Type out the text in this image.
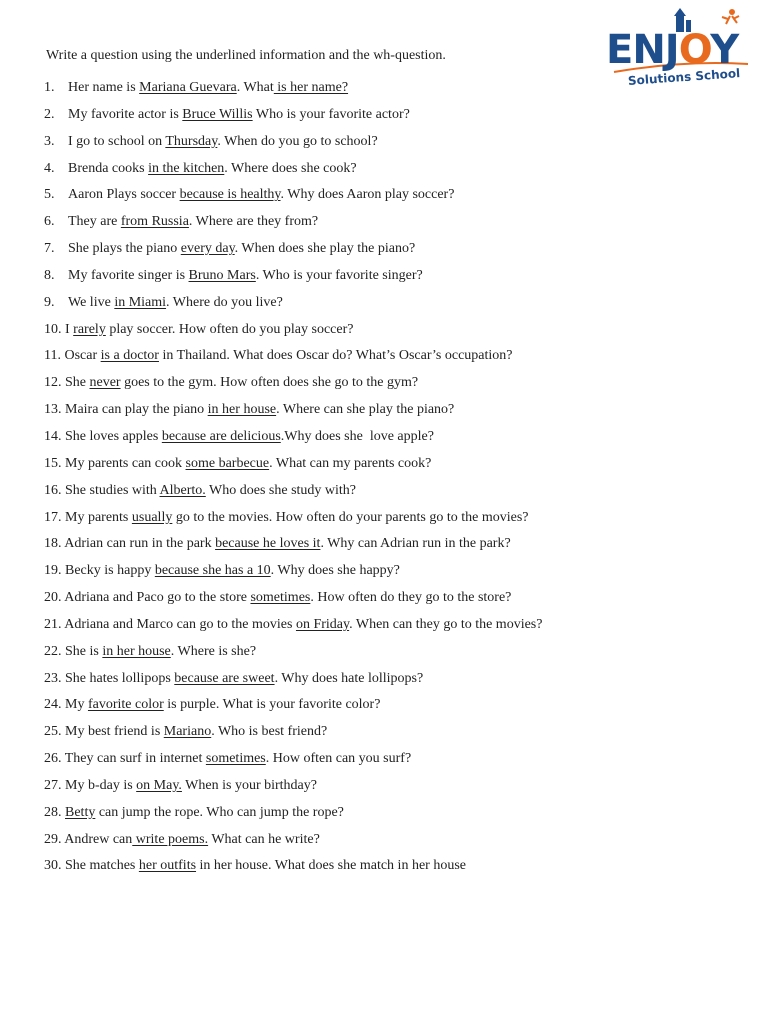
ENJOY
Solutions School
Write a question using the underlined information and the wh-question.
1. Her name is Mariana Guevara. What is her name?
2. My favorite actor is Bruce Willis Who is your favorite actor?
3. I go to school on Thursday. When do you go to school?
4. Brenda cooks in the kitchen. Where does she cook?
5. Aaron Plays soccer because is healthy. Why does Aaron play soccer?
6. They are from Russia. Where are they from?
7. She plays the piano every day. When does she play the piano?
8. My favorite singer is Bruno Mars. Who is your favorite singer?
9. We live in Miami. Where do you live?
10. I rarely play soccer. How often do you play soccer?
11. Oscar is a doctor in Thailand. What does Oscar do? What’s Oscar’s occupation?
12. She never goes to the gym. How often does she go to the gym?
13. Maira can play the piano in her house. Where can she play the piano?
14. She loves apples because are delicious.Why does she  love apple?
15. My parents can cook some barbecue. What can my parents cook?
16. She studies with Alberto. Who does she study with?
17. My parents usually go to the movies. How often do your parents go to the movies?
18. Adrian can run in the park because he loves it. Why can Adrian run in the park?
19. Becky is happy because she has a 10. Why does she happy?
20. Adriana and Paco go to the store sometimes. How often do they go to the store?
21. Adriana and Marco can go to the movies on Friday. When can they go to the movies?
22. She is in her house. Where is she?
23. She hates lollipops because are sweet. Why does hate lollipops?
24. My favorite color is purple. What is your favorite color?
25. My best friend is Mariano. Who is best friend?
26. They can surf in internet sometimes. How often can you surf?
27. My b-day is on May. When is your birthday?
28. Betty can jump the rope. Who can jump the rope?
29. Andrew can write poems. What can he write?
30. She matches her outfits in her house. What does she match in her house
